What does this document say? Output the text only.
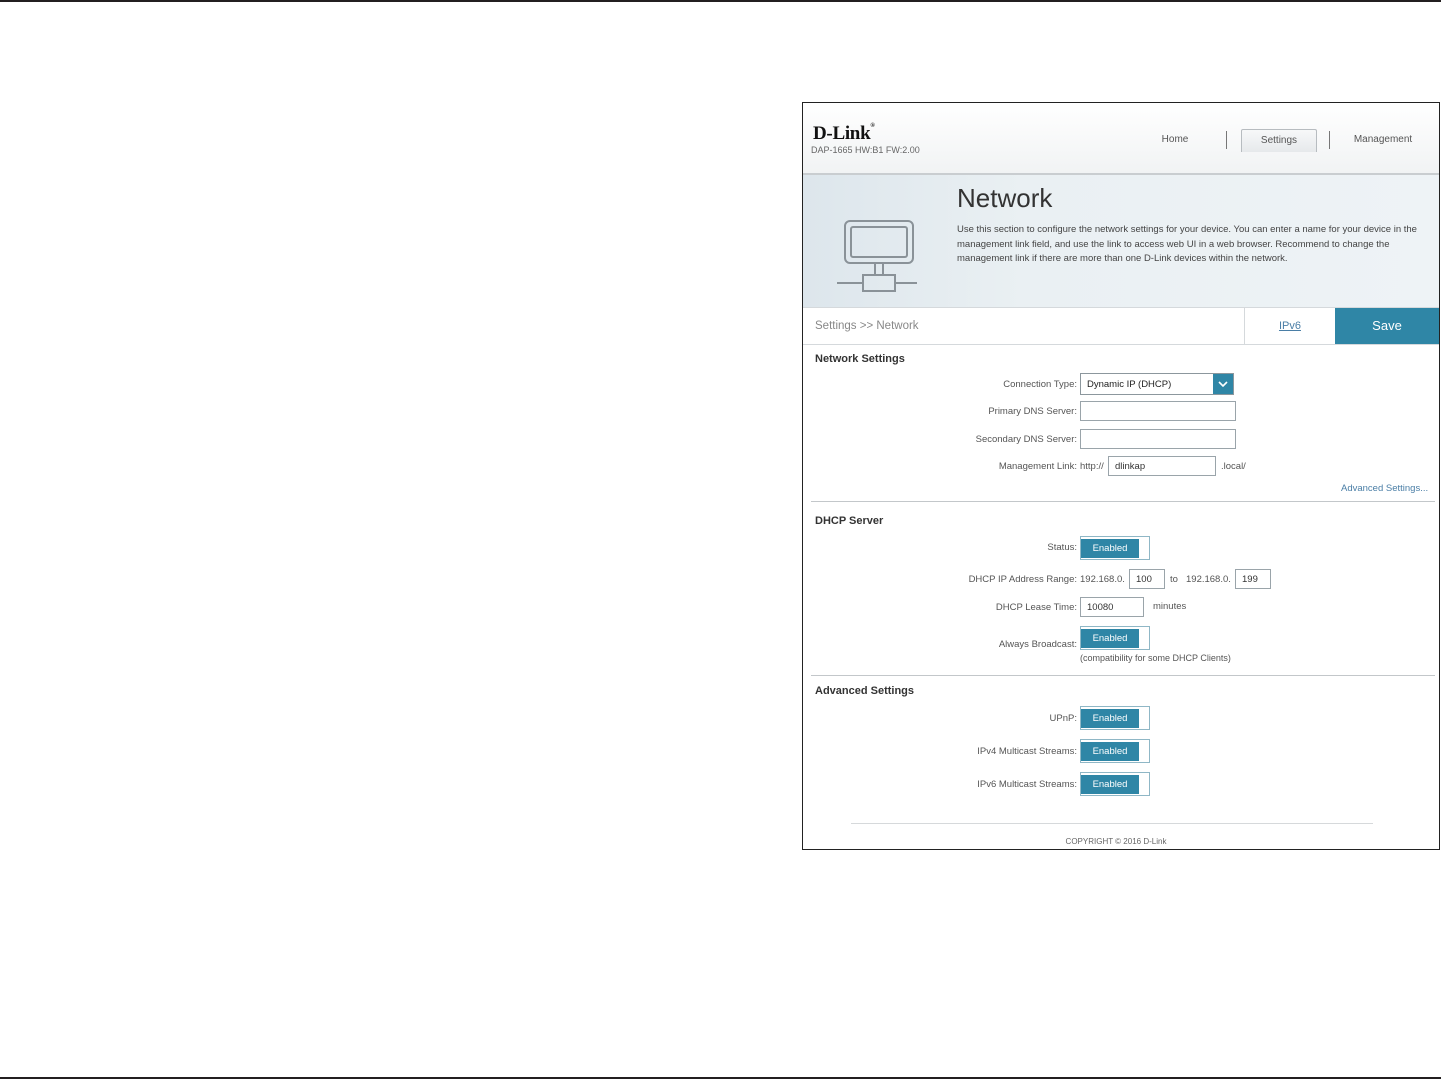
D-Link®
DAP-1665 HW:B1 FW:2.00
Home	Settings	Management
Network
Use this section to configure the network settings for your device. You can enter a name for your device in the management link field, and use the link to access web UI in a web browser. Recommend to change the management link if there are more than one D-Link devices within the network.
Settings >> Network	IPv6	Save
Network Settings
Connection Type: Dynamic IP (DHCP)
Primary DNS Server:
Secondary DNS Server:
Management Link: http://
dlinkap	.local/
Advanced Settings...
DHCP Server
Status:	Enabled
DHCP IP Address Range: 192.168.0.
100	to 192.168.0.
199
DHCP Lease Time:
10080	minutes
Always Broadcast:
Enabled
(compatibility for some DHCP Clients)
Advanced Settings
UPnP:	Enabled
IPv4 Multicast Streams:	Enabled
IPv6 Multicast Streams:	Enabled
COPYRIGHT © 2016 D-Link
